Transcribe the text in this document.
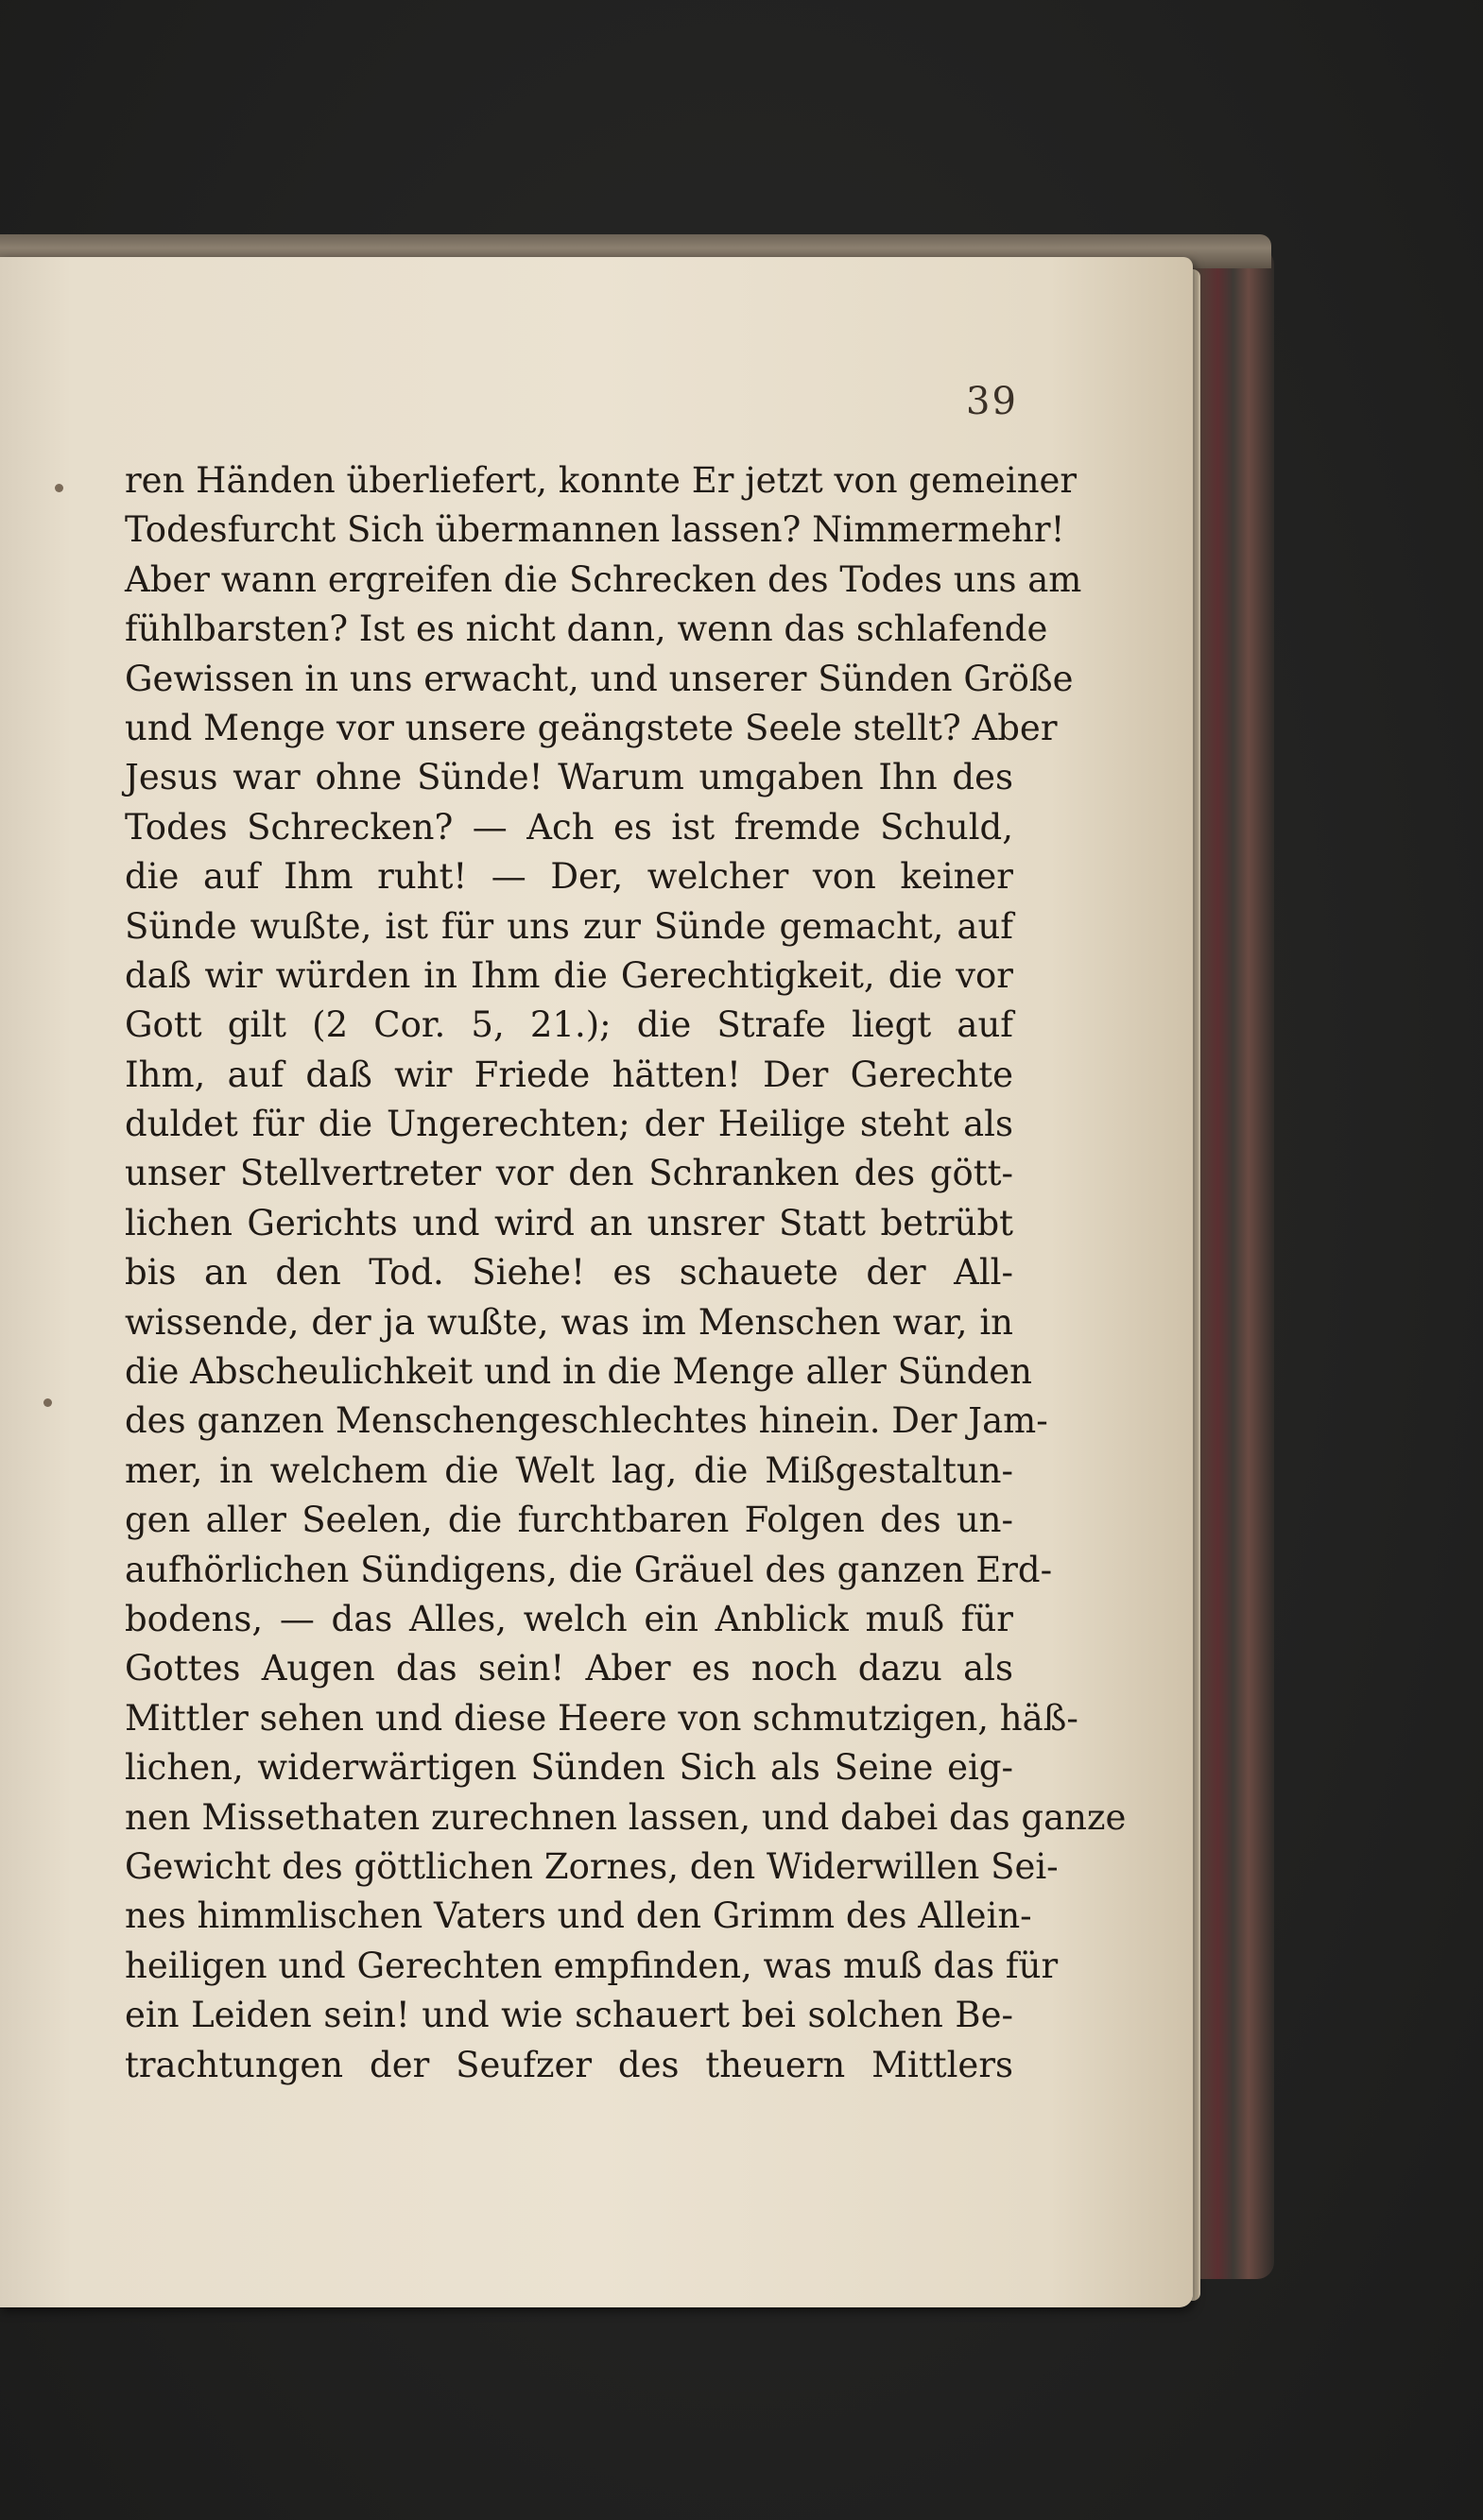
39
ren Händen überliefert, konnte Er jetzt von gemeiner
Todesfurcht Sich übermannen lassen? Nimmermehr!
Aber wann ergreifen die Schrecken des Todes uns am
fühlbarsten? Ist es nicht dann, wenn das schlafende
Gewissen in uns erwacht, und unserer Sünden Größe
und Menge vor unsere geängstete Seele stellt? Aber
Jesus war ohne Sünde! Warum umgaben Ihn des
Todes Schrecken? — Ach es ist fremde Schuld,
die auf Ihm ruht! — Der, welcher von keiner
Sünde wußte, ist für uns zur Sünde gemacht, auf
daß wir würden in Ihm die Gerechtigkeit, die vor
Gott gilt (2 Cor. 5, 21.); die Strafe liegt auf
Ihm, auf daß wir Friede hätten! Der Gerechte
duldet für die Ungerechten; der Heilige steht als
unser Stellvertreter vor den Schranken des gött-
lichen Gerichts und wird an unsrer Statt betrübt
bis an den Tod. Siehe! es schauete der All-
wissende, der ja wußte, was im Menschen war, in
die Abscheulichkeit und in die Menge aller Sünden
des ganzen Menschengeschlechtes hinein. Der Jam-
mer, in welchem die Welt lag, die Mißgestaltun-
gen aller Seelen, die furchtbaren Folgen des un-
aufhörlichen Sündigens, die Gräuel des ganzen Erd-
bodens, — das Alles, welch ein Anblick muß für
Gottes Augen das sein! Aber es noch dazu als
Mittler sehen und diese Heere von schmutzigen, häß-
lichen, widerwärtigen Sünden Sich als Seine eig-
nen Missethaten zurechnen lassen, und dabei das ganze
Gewicht des göttlichen Zornes, den Widerwillen Sei-
nes himmlischen Vaters und den Grimm des Allein-
heiligen und Gerechten empfinden, was muß das für
ein Leiden sein! und wie schauert bei solchen Be-
trachtungen der Seufzer des theuern Mittlers
